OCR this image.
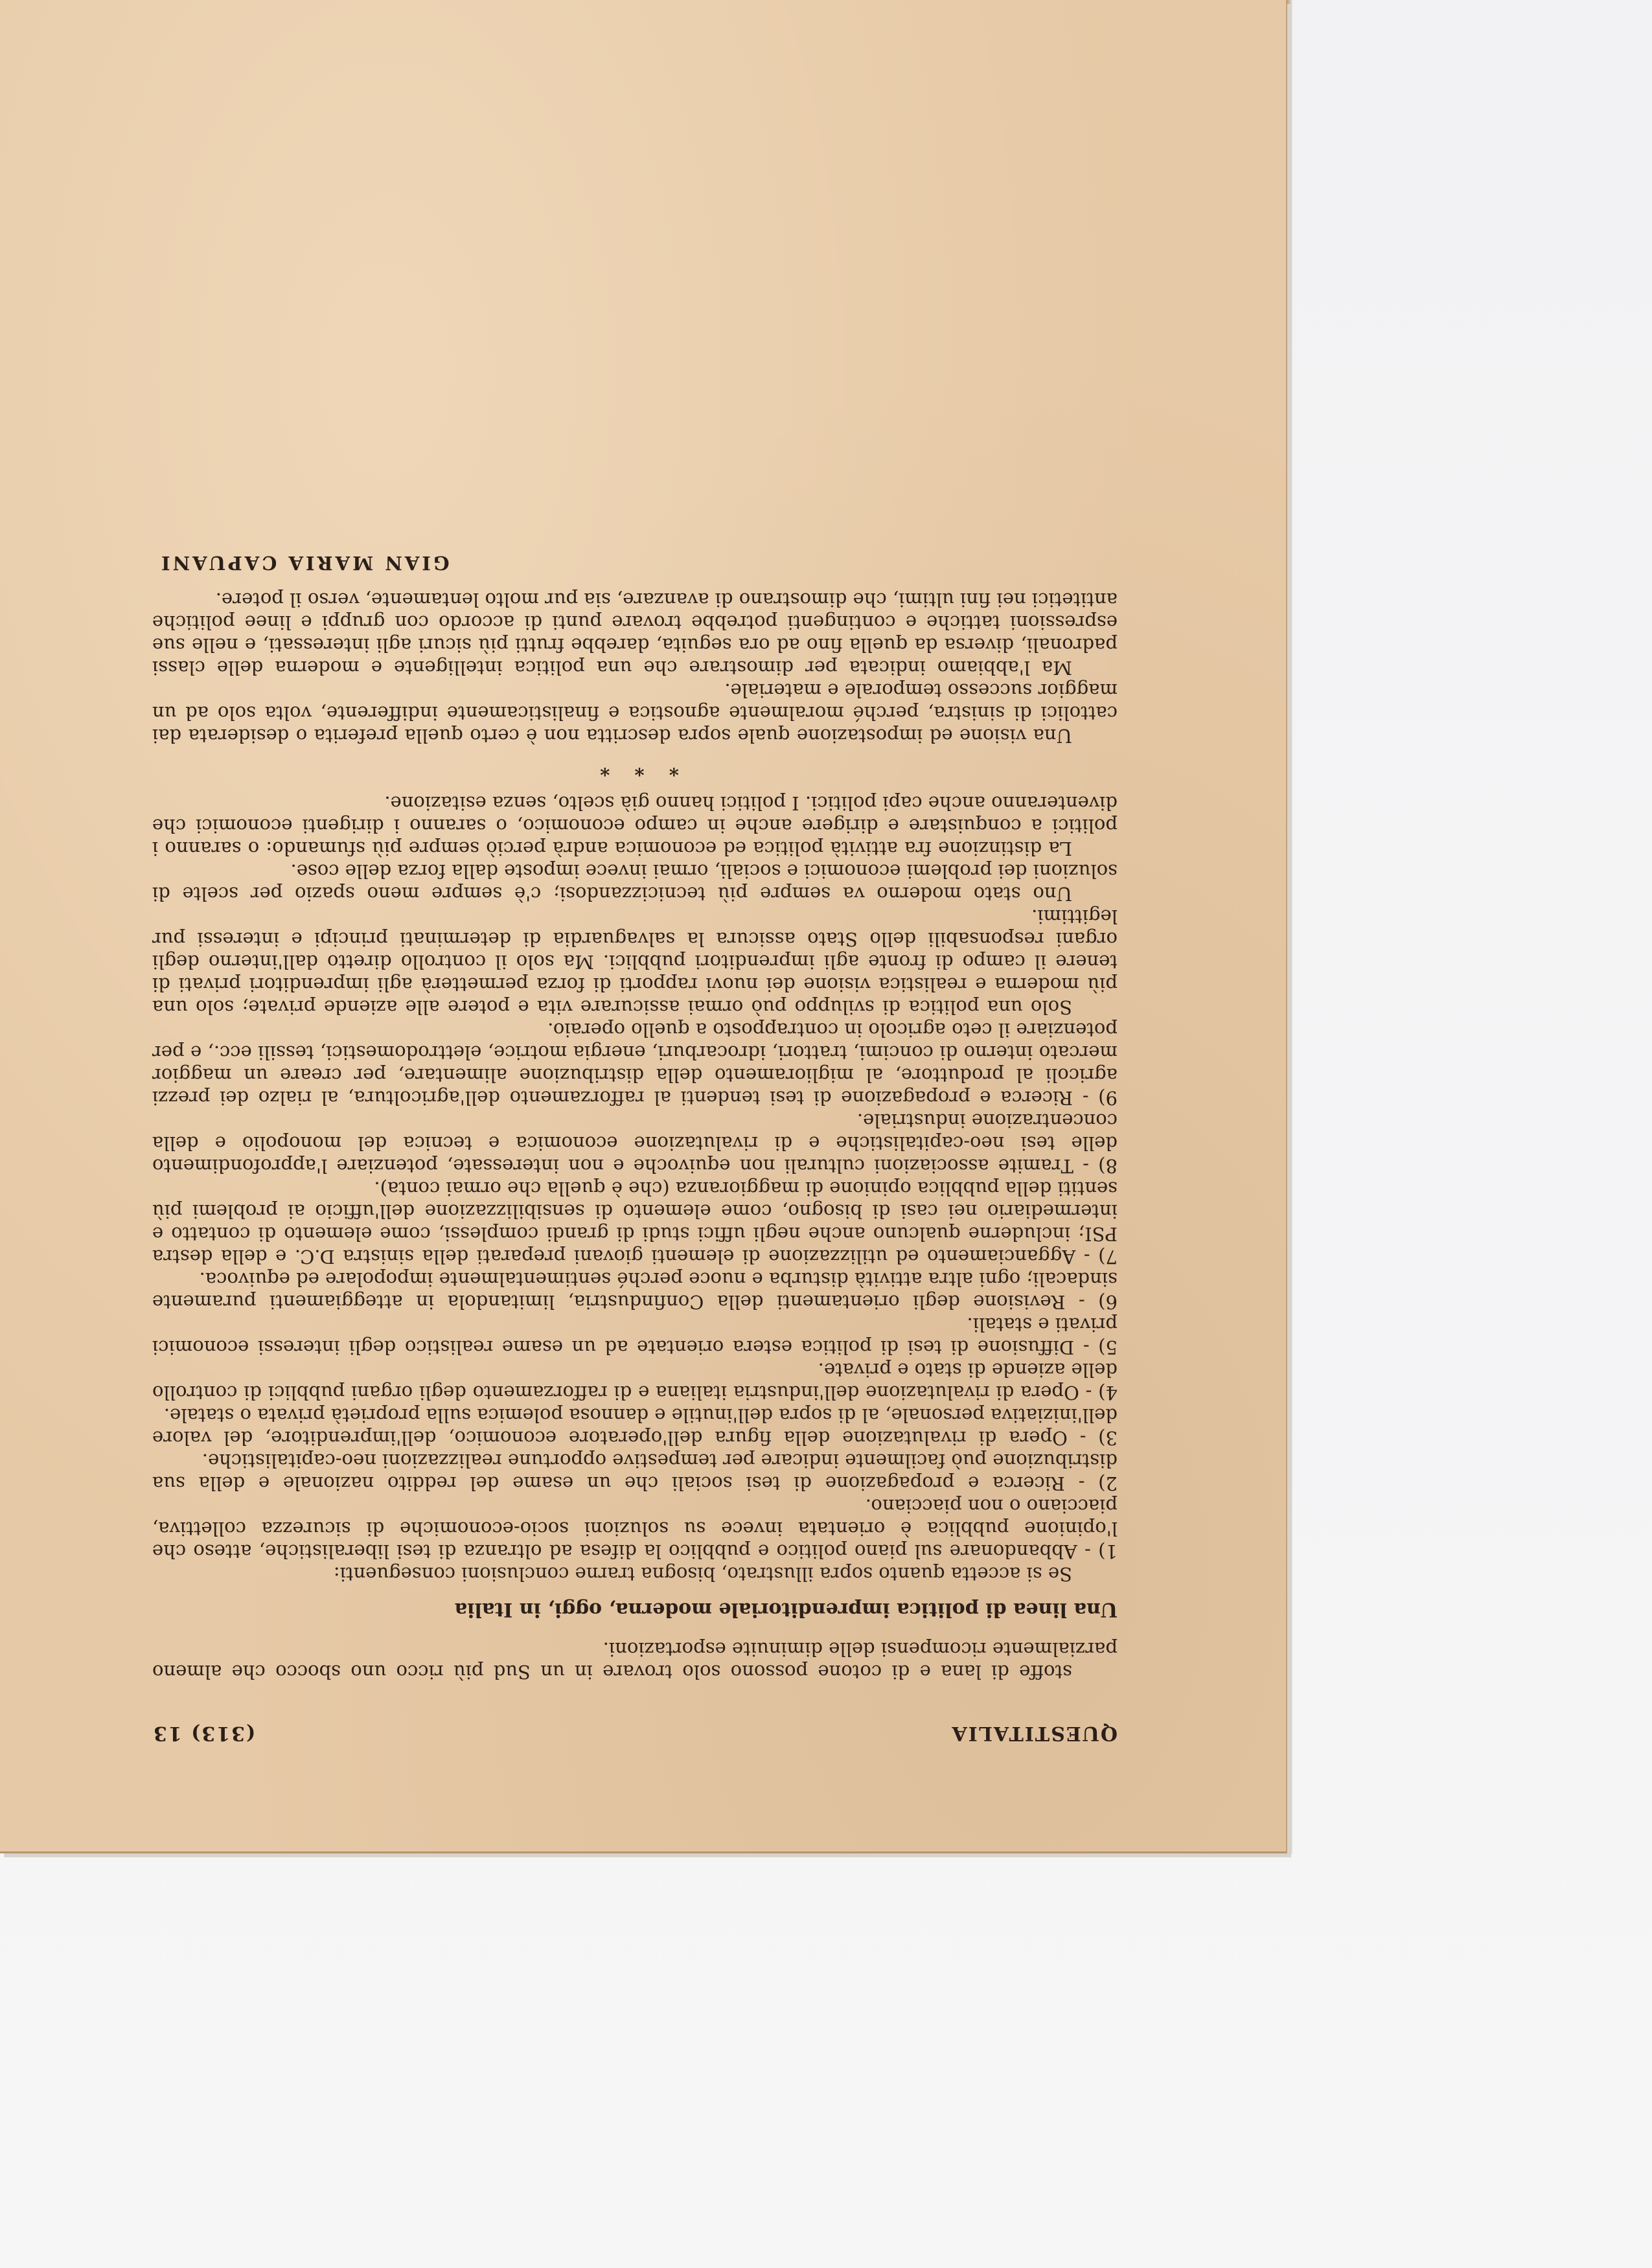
QUESTITALIA
(313) 13

stoffe di lana e di cotone possono solo trovare in un Sud più ricco uno sbocco che almeno parzialmente ricompensi delle diminuite esportazioni.

Una linea di politica imprenditoriale moderna, oggi, in Italia

Se si accetta quanto sopra illustrato, bisogna trarne conclusioni conseguenti:

1) - Abbandonare sul piano politico e pubblico la difesa ad oltranza di tesi liberalistiche, atteso che l'opinione pubblica è orientata invece su soluzioni socio-economiche di sicurezza collettiva, piacciano o non piacciano.

2) - Ricerca e propagazione di tesi sociali che un esame del reddito nazionale e della sua distribuzione può facilmente indicare per tempestive opportune realizzazioni neo-capitalistiche.

3) - Opera di rivalutazione della figura dell'operatore economico, dell'imprenditore, del valore dell'iniziativa personale, al di sopra dell'inutile e dannosa polemica sulla proprietà privata o statale.

4) - Opera di rivalutazione dell'industria italiana e di rafforzamento degli organi pubblici di controllo delle aziende di stato e private.

5) - Diffusione di tesi di politica estera orientate ad un esame realistico degli interessi economici privati e statali.

6) - Revisione degli orientamenti della Confindustria, limitandola in atteggiamenti puramente sindacali; ogni altra attività disturba e nuoce perché sentimentalmente impopolare ed equivoca.

7) - Agganciamento ed utilizzazione di elementi giovani preparati della sinistra D.C. e della destra PSI; includerne qualcuno anche negli uffici studi di grandi complessi, come elemento di contatto e intermediario nei casi di bisogno, come elemento di sensibilizzazione dell'ufficio ai problemi più sentiti della pubblica opinione di maggioranza (che è quella che ormai conta).

8) - Tramite associazioni culturali non equivoche e non interessate, potenziare l'approfondimento delle tesi neo-capitalistiche e di rivalutazione economica e tecnica del monopolio e della concentrazione industriale.

9) - Ricerca e propagazione di tesi tendenti al rafforzamento dell'agricoltura, al rialzo dei prezzi agricoli al produttore, al miglioramento della distribuzione alimentare, per creare un maggior mercato interno di concimi, trattori, idrocarburi, energia motrice, elettrodomestici, tessili ecc., e per potenziare il ceto agricolo in contrapposto a quello operaio.

Solo una politica di sviluppo può ormai assicurare vita e potere alle aziende private; solo una più moderna e realistica visione dei nuovi rapporti di forza permetterà agli imprenditori privati di tenere il campo di fronte agli imprenditori pubblici. Ma solo il controllo diretto dall'interno degli organi responsabili dello Stato assicura la salvaguardia di determinati principi e interessi pur legittimi.

Uno stato moderno va sempre più tecnicizzandosi; c'è sempre meno spazio per scelte di soluzioni dei problemi economici e sociali, ormai invece imposte dalla forza delle cose.

La distinzione fra attività politica ed economica andrà perciò sempre più sfumando: o saranno i politici a conquistare e dirigere anche in campo economico, o saranno i dirigenti economici che diventeranno anche capi politici. I politici hanno già scelto, senza esitazione.

* * *

Una visione ed impostazione quale sopra descritta non è certo quella preferita o desiderata dai cattolici di sinistra, perché moralmente agnostica e finalisticamente indifferente, volta solo ad un maggior successo temporale e materiale.

Ma l'abbiamo indicata per dimostrare che una politica intelligente e moderna delle classi padronali, diversa da quella fino ad ora seguita, darebbe frutti più sicuri agli interessati, e nelle sue espressioni tattiche e contingenti potrebbe trovare punti di accordo con gruppi e linee politiche antitetici nei fini ultimi, che dimostrano di avanzare, sia pur molto lentamente, verso il potere.

GIAN MARIA CAPUANI
